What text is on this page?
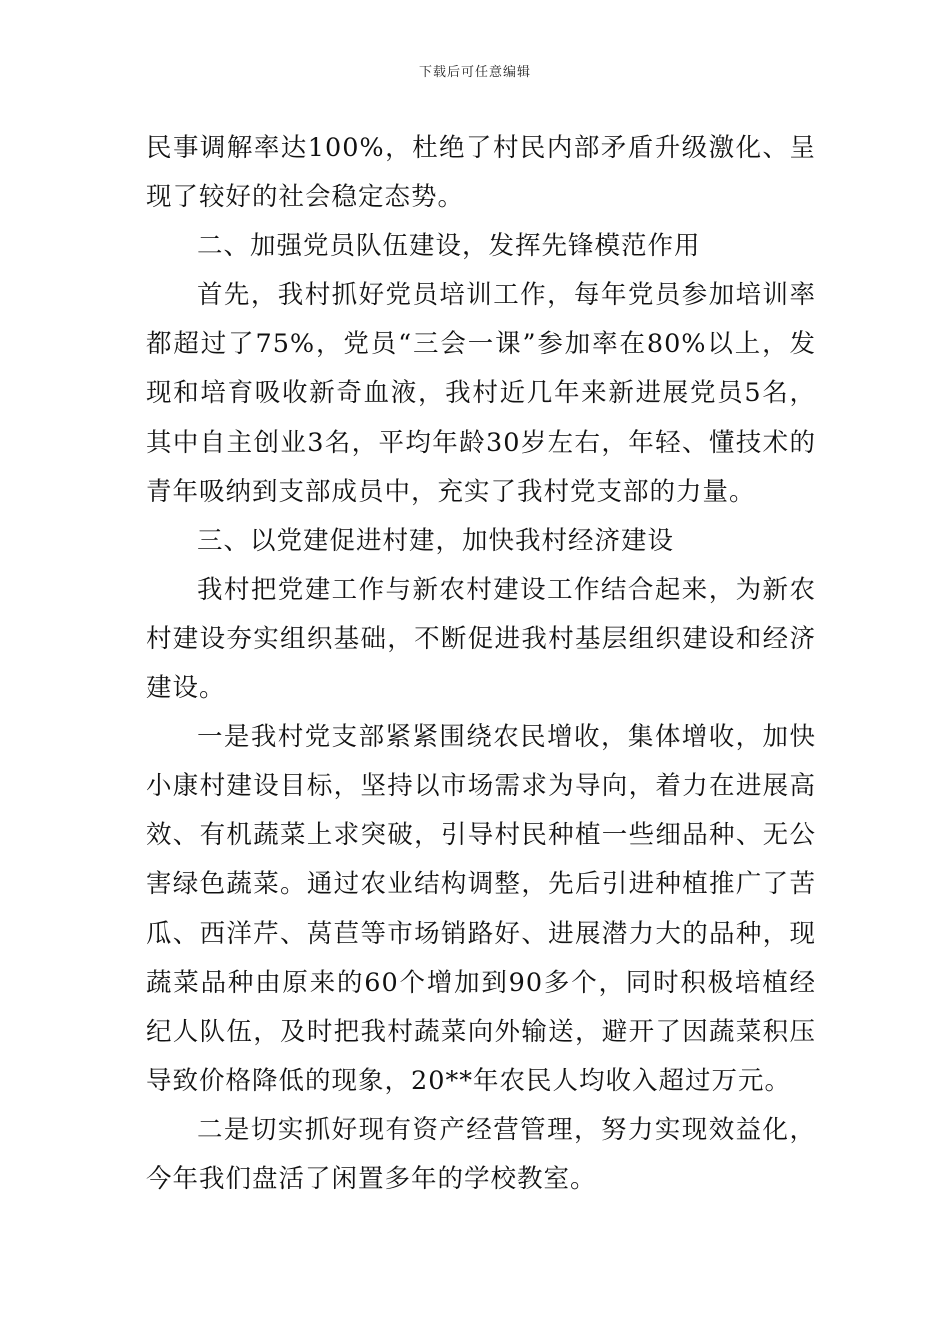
下载后可任意编辑

民事调解率达100%，杜绝了村民内部矛盾升级激化、呈现了较好的社会稳定态势。

二、加强党员队伍建设，发挥先锋模范作用

首先，我村抓好党员培训工作，每年党员参加培训率都超过了75%，党员“三会一课”参加率在80%以上，发现和培育吸收新奇血液，我村近几年来新进展党员5名，其中自主创业3名，平均年龄30岁左右，年轻、懂技术的青年吸纳到支部成员中，充实了我村党支部的力量。

三、以党建促进村建，加快我村经济建设

我村把党建工作与新农村建设工作结合起来，为新农村建设夯实组织基础，不断促进我村基层组织建设和经济建设。

一是我村党支部紧紧围绕农民增收，集体增收，加快小康村建设目标，坚持以市场需求为导向，着力在进展高效、有机蔬菜上求突破，引导村民种植一些细品种、无公害绿色蔬菜。通过农业结构调整，先后引进种植推广了苦瓜、西洋芹、莴苣等市场销路好、进展潜力大的品种，现蔬菜品种由原来的60个增加到90多个，同时积极培植经纪人队伍，及时把我村蔬菜向外输送，避开了因蔬菜积压导致价格降低的现象，20**年农民人均收入超过万元。

二是切实抓好现有资产经营管理，努力实现效益化，今年我们盘活了闲置多年的学校教室。
